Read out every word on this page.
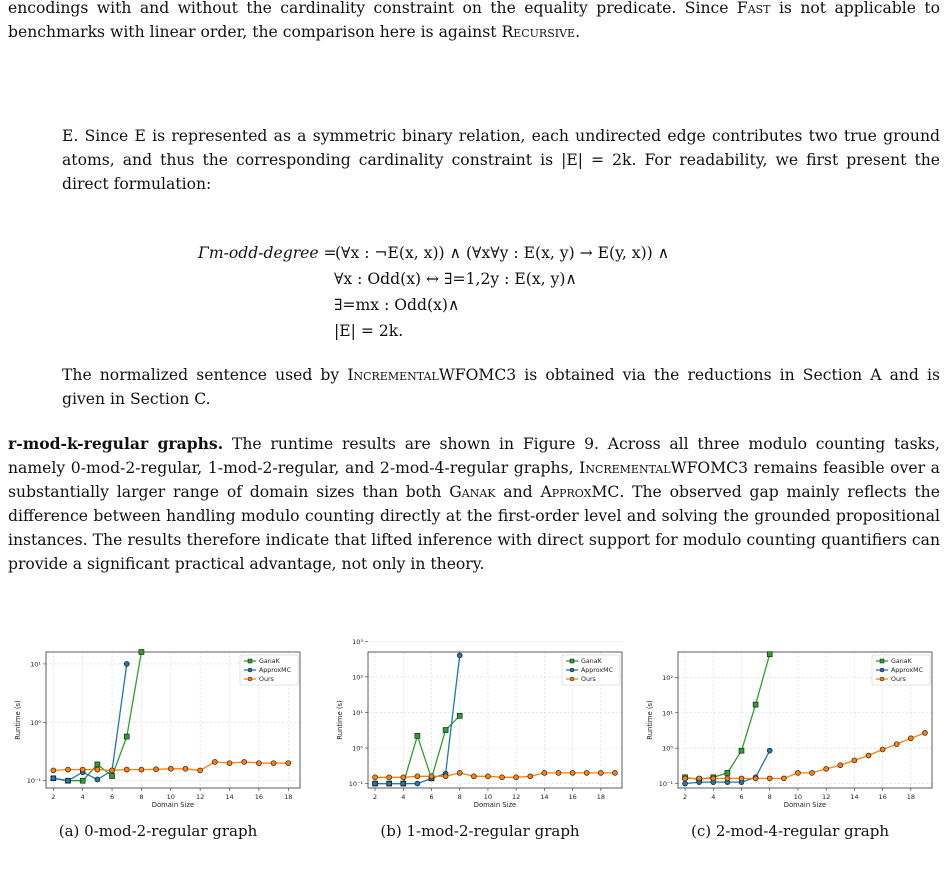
encodings with and without the cardinality constraint on the equality predicate. Since Fast is not applicable to benchmarks with linear order, the comparison here is against Recursive.

E. Since E is represented as a symmetric binary relation, each undirected edge contributes two true ground atoms, and thus the corresponding cardinality constraint is |E| = 2k. For readability, we first present the direct formulation:

Γm-odd-degree = (∀x : ¬E(x, x)) ∧ (∀x∀y : E(x, y) → E(y, x)) ∧
∀x : Odd(x) ↔ ∃=1,2y : E(x, y)∧
∃=mx : Odd(x)∧
|E| = 2k.

The normalized sentence used by IncrementalWFOMC3 is obtained via the reductions in Section A and is given in Section C.

r-mod-k-regular graphs. The runtime results are shown in Figure 9. Across all three modulo counting tasks, namely 0-mod-2-regular, 1-mod-2-regular, and 2-mod-4-regular graphs, IncrementalWFOMC3 remains feasible over a substantially larger range of domain sizes than both Ganak and ApproxMC. The observed gap mainly reflects the difference between handling modulo counting directly at the first-order level and solving the grounded propositional instances. The results therefore indicate that lifted inference with direct support for modulo counting quantifiers can provide a significant practical advantage, not only in theory.

2	4	6	8	10	12	14	16	18
10⁻¹
10⁰
10¹
Domain Size
Runtime (s)
GanaK
ApproxMC
Ours
2	4	6	8	10	12	14	16	18
10⁻¹
10⁰
10¹
10²
10³
Domain Size
Runtime (s)
GanaK
ApproxMC
Ours
2	4	6	8	10	12	14	16	18
10⁻¹
10⁰
10¹
10²
Domain Size
Runtime (s)
GanaK
ApproxMC
Ours
(a) 0-mod-2-regular graph	(b) 1-mod-2-regular graph	(c) 2-mod-4-regular graph
